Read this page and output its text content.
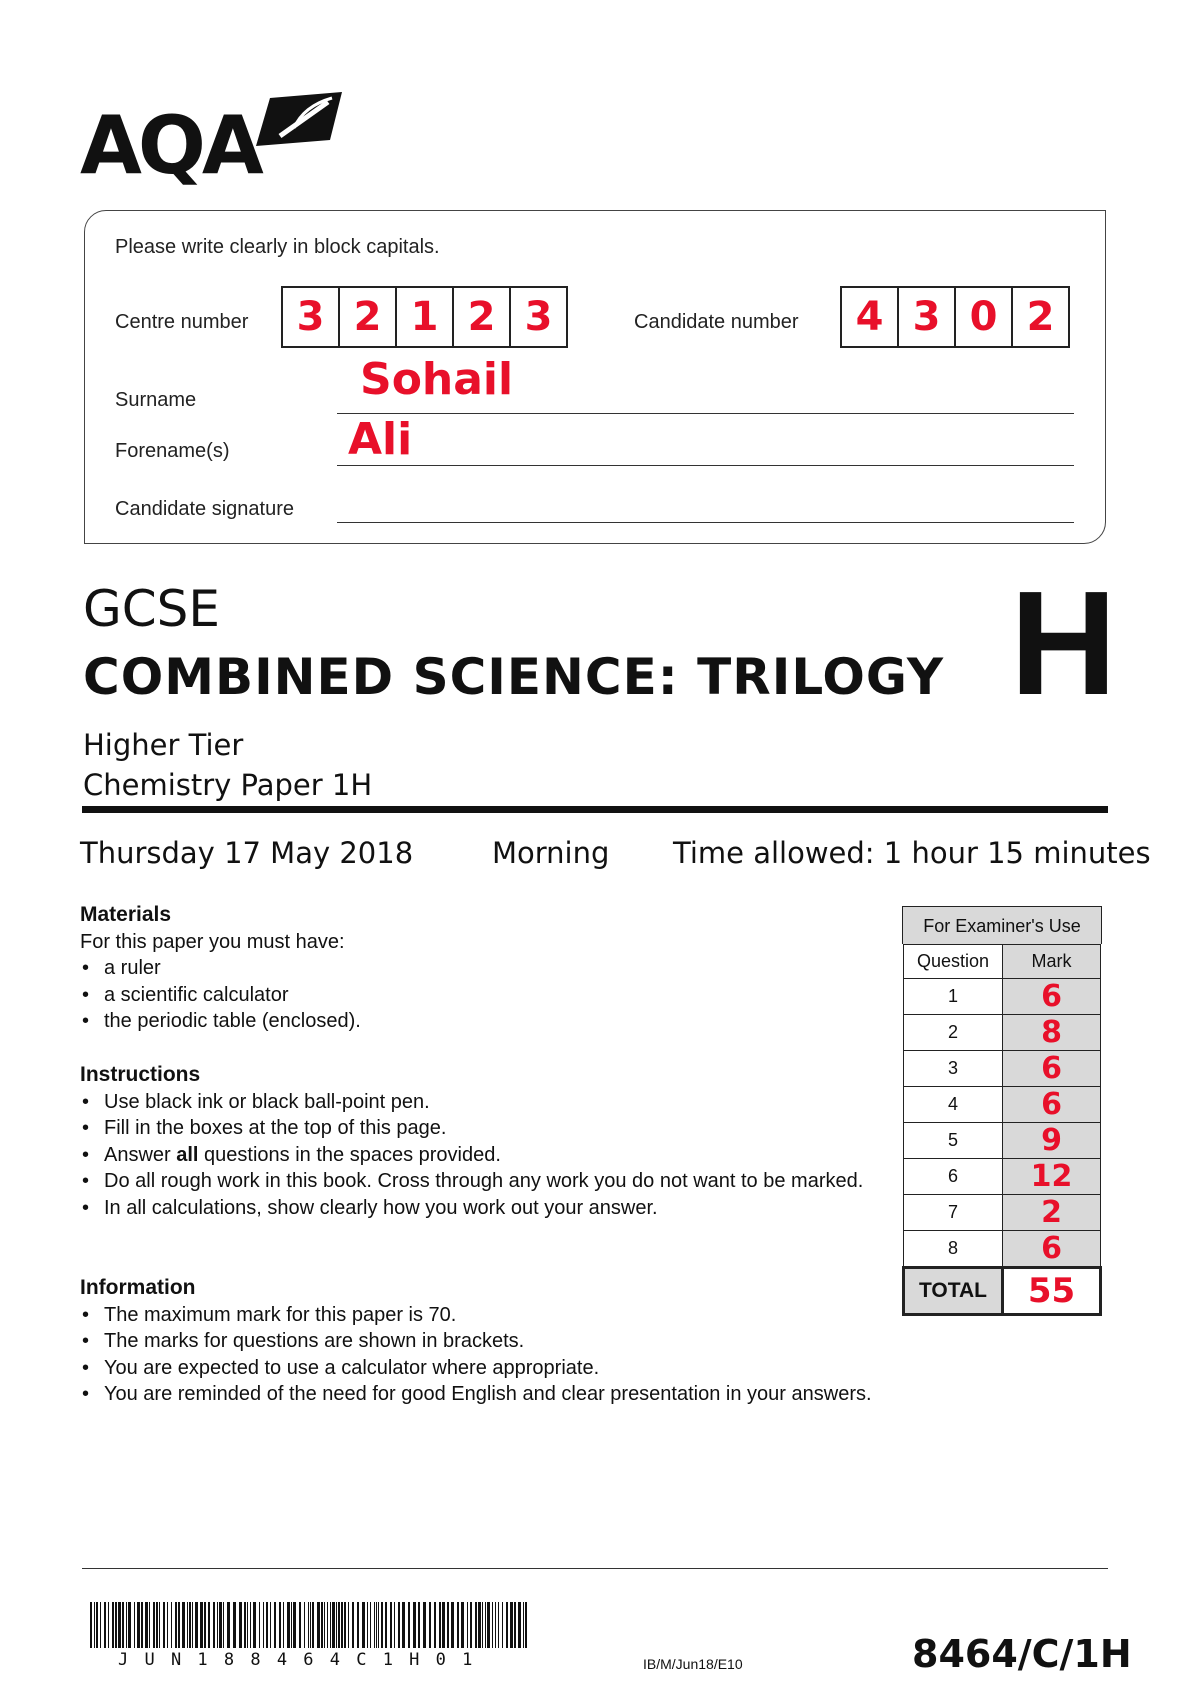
AQA
Please write clearly in block capitals.
Centre number	3 2 1 2 3	Candidate number	4 3 0 2
Surname	Sohail
Forename(s)	Ali
Candidate signature
GCSE
COMBINED SCIENCE: TRILOGY H
Higher Tier
Chemistry Paper 1H
Thursday 17 May 2018	Morning Time allowed: 1 hour 15 minutes
Materials
For this paper you must have:
• a ruler
• a scientific calculator
• the periodic table (enclosed).
Instructions
• Use black ink or black ball-point pen.
• Fill in the boxes at the top of this page.
• Answer all questions in the spaces provided.
• Do all rough work in this book. Cross through any work you do not want to be marked.
• In all calculations, show clearly how you work out your answer.
Information
• The maximum mark for this paper is 70.
• The marks for questions are shown in brackets.
• You are expected to use a calculator where appropriate.
• You are reminded of the need for good English and clear presentation in your answers.
For Examiner's Use
Question	Mark
1	6
2	8
3	6
4	6
5	9
6	12
7	2
8	6
TOTAL	55
J U N 1 8 8 4 6 4 C 1 H 0 1	IB/M/Jun18/E10	8464/C/1H
